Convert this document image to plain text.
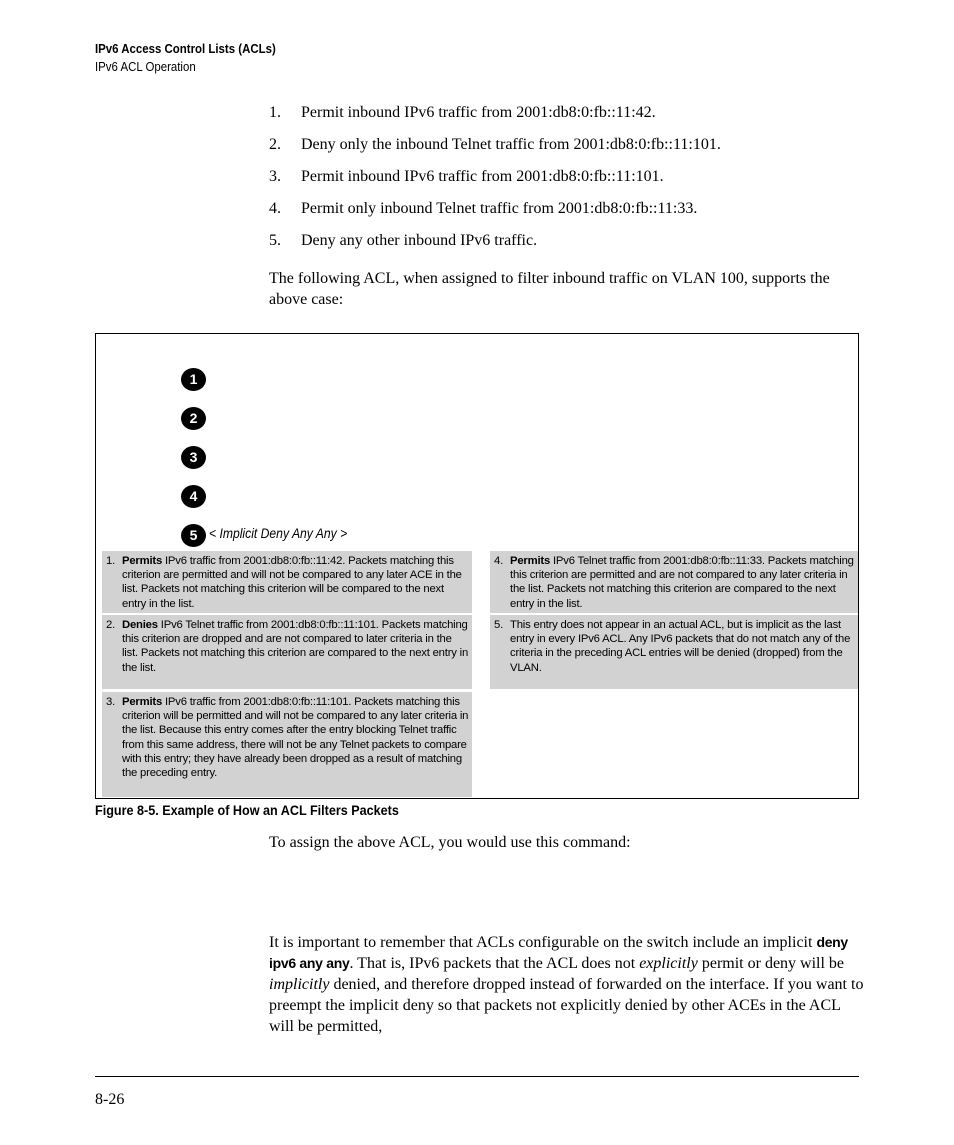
IPv6 Access Control Lists (ACLs)
IPv6 ACL Operation
1.	Permit inbound IPv6 traffic from 2001:db8:0:fb::11:42.
2.	Deny only the inbound Telnet traffic from 2001:db8:0:fb::11:101.
3.	Permit inbound IPv6 traffic from 2001:db8:0:fb::11:101.
4.	Permit only inbound Telnet traffic from 2001:db8:0:fb::11:33.
5.	Deny any other inbound IPv6 traffic.

The following ACL, when assigned to filter inbound traffic on VLAN 100, supports the above case:

1
2
3
4
5 < Implicit Deny Any Any >
1. Permits IPv6 traffic from 2001:db8:0:fb::11:42. Packets matching this criterion are permitted and will not be compared to any later ACE in the list. Packets not matching this criterion will be compared to the next entry in the list.
2. Denies IPv6 Telnet traffic from 2001:db8:0:fb::11:101. Packets matching this criterion are dropped and are not compared to later criteria in the list. Packets not matching this criterion are compared to the next entry in the list.
3. Permits IPv6 traffic from 2001:db8:0:fb::11:101. Packets matching this criterion will be permitted and will not be compared to any later criteria in the list. Because this entry comes after the entry blocking Telnet traffic from this same address, there will not be any Telnet packets to compare with this entry; they have already been dropped as a result of matching the preceding entry.
4. Permits IPv6 Telnet traffic from 2001:db8:0:fb::11:33. Packets matching this criterion are permitted and are not compared to any later criteria in the list. Packets not matching this criterion are compared to the next entry in the list.
5. This entry does not appear in an actual ACL, but is implicit as the last entry in every IPv6 ACL. Any IPv6 packets that do not match any of the criteria in the preceding ACL entries will be denied (dropped) from the VLAN.
Figure 8-5. Example of How an ACL Filters Packets

To assign the above ACL, you would use this command:

It is important to remember that ACLs configurable on the switch include an implicit deny ipv6 any any. That is, IPv6 packets that the ACL does not explicitly permit or deny will be implicitly denied, and therefore dropped instead of forwarded on the interface. If you want to preempt the implicit deny so that packets not explicitly denied by other ACEs in the ACL will be permitted,

8-26
